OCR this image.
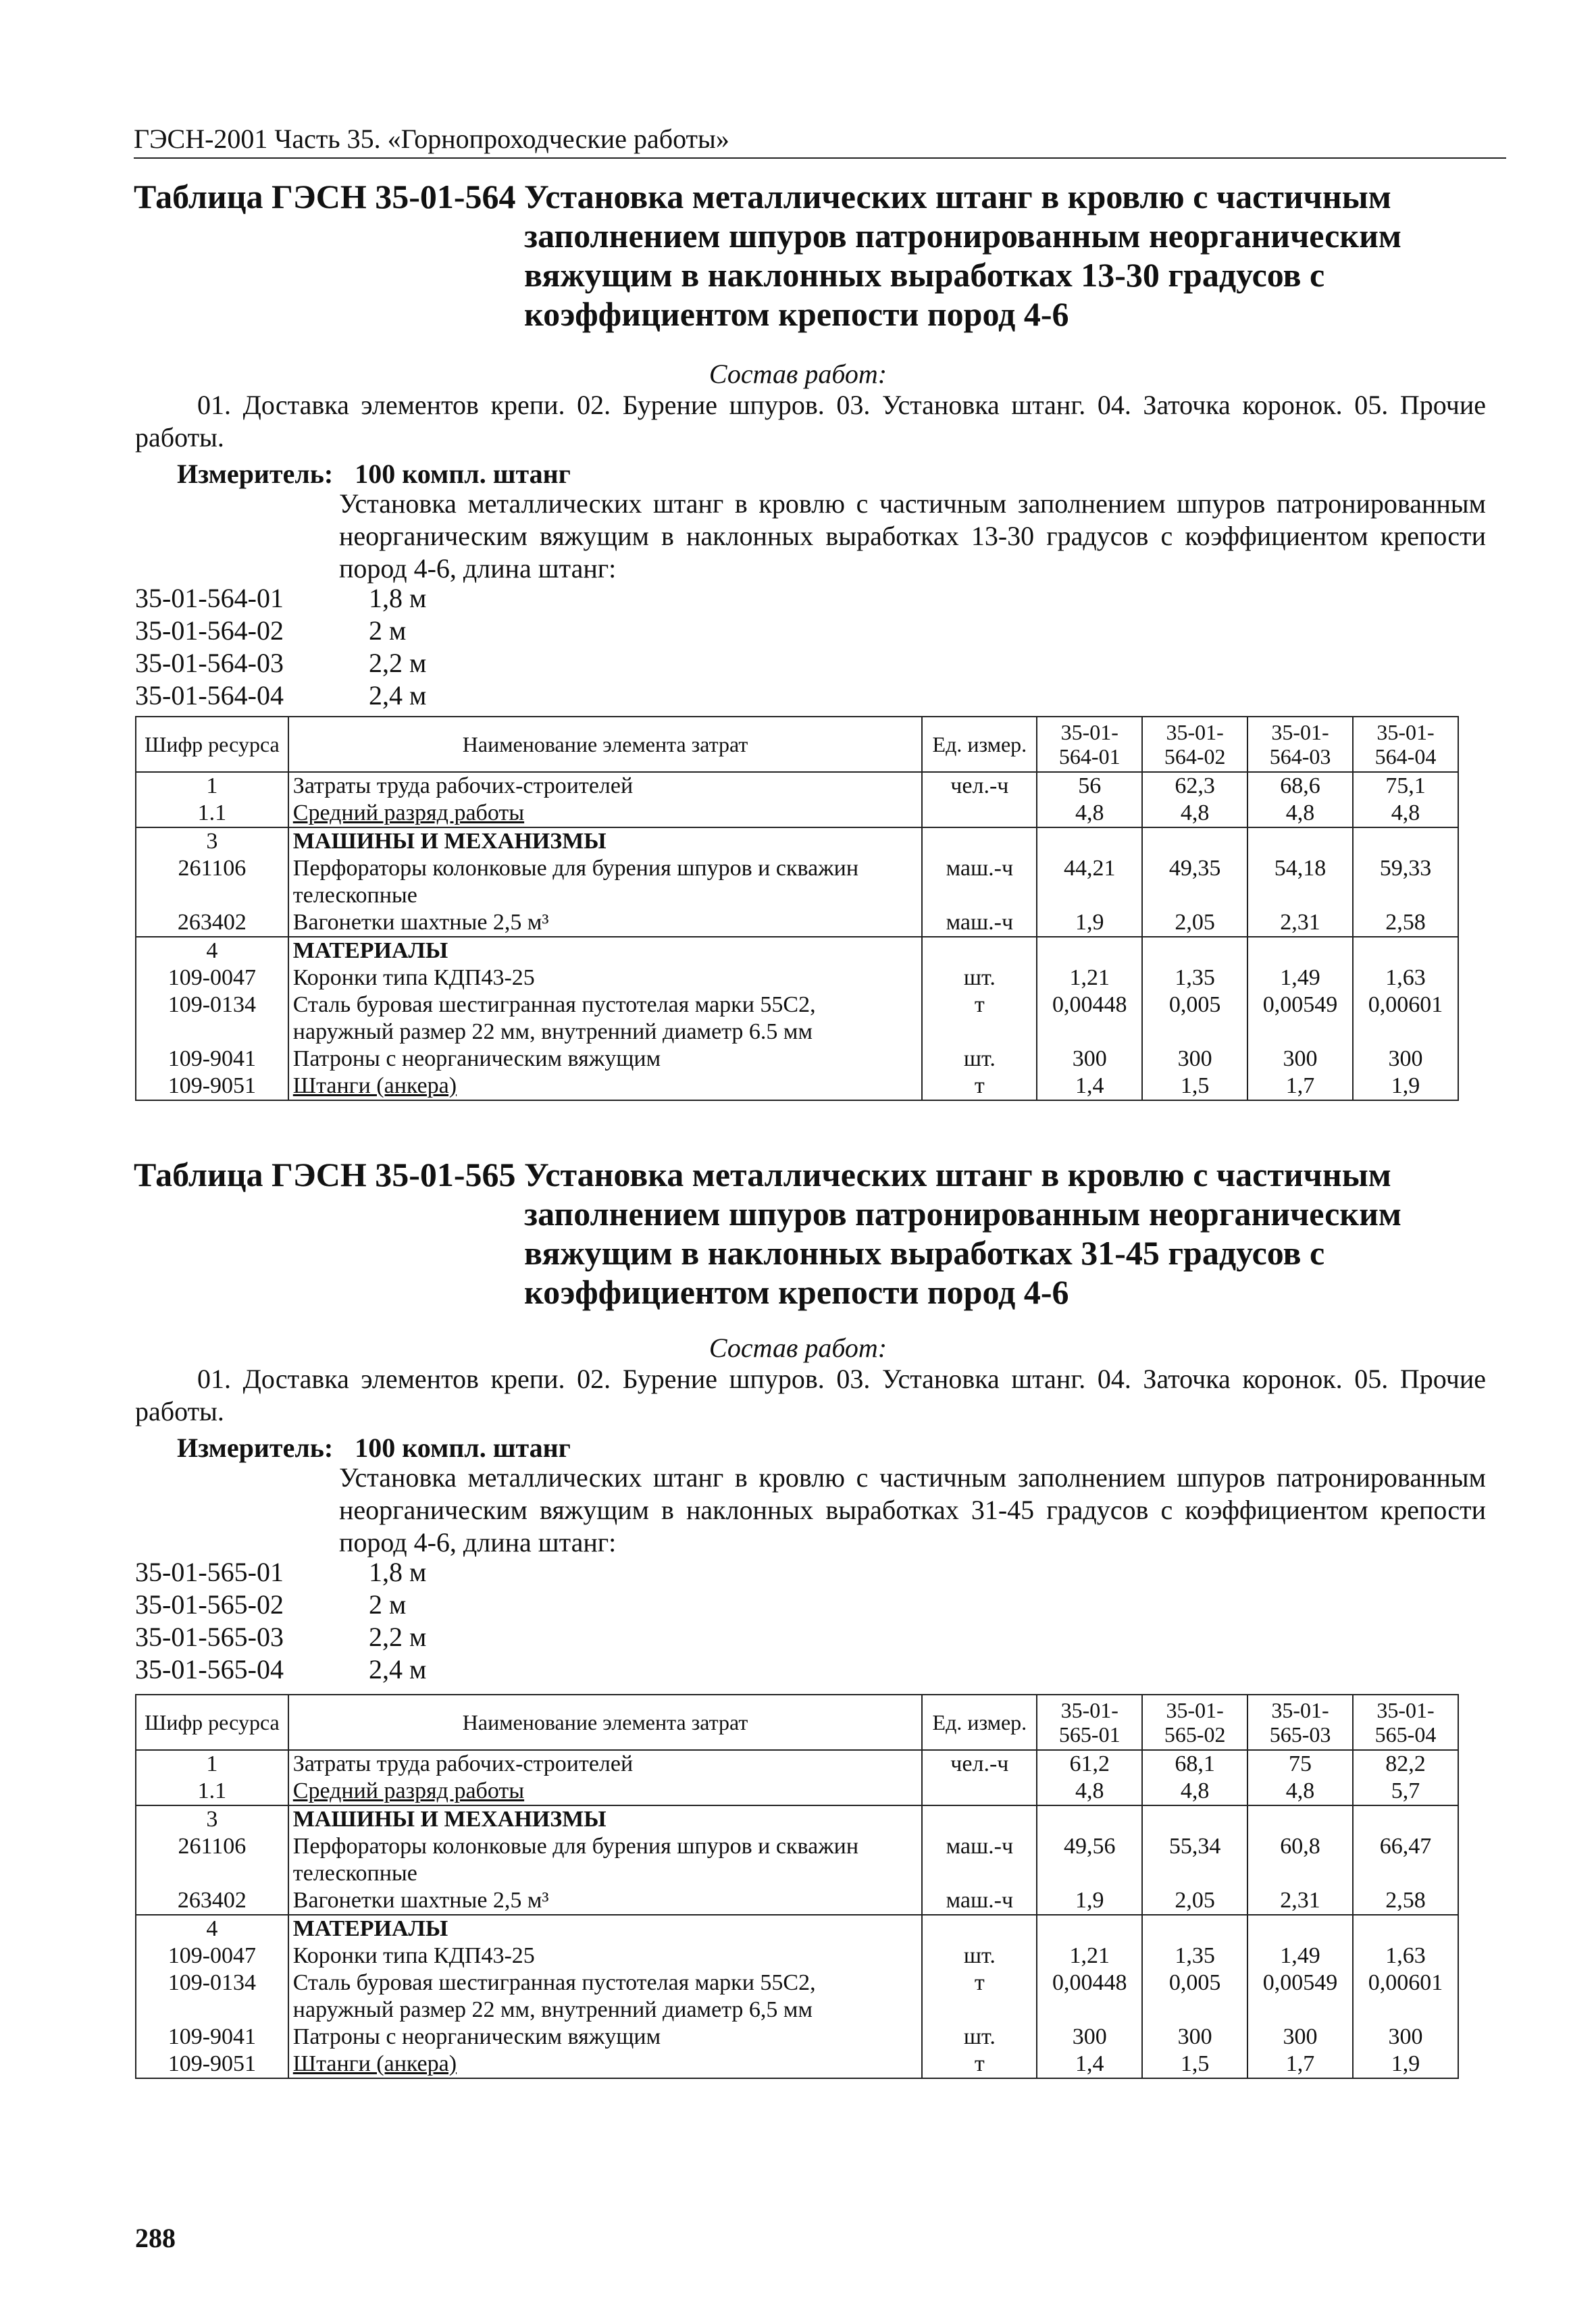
ГЭСН-2001 Часть 35. «Горнопроходческие работы»
Таблица ГЭСН 35-01-564 Установка металлических штанг в кровлю с частичным заполнением шпуров патронированным неорганическим вяжущим в наклонных выработках 13-30 градусов с коэффициентом крепости пород 4-6
Состав работ:
01. Доставка элементов крепи. 02. Бурение шпуров. 03. Установка штанг. 04. Заточка коронок. 05. Прочие работы.
Измеритель: 100 компл. штанг
Установка металлических штанг в кровлю с частичным заполнением шпуров патронированным неорганическим вяжущим в наклонных выработках 13-30 градусов с коэффициентом крепости пород 4-6, длина штанг:
35-01-564-01	1,8 м
35-01-564-02	2 м
35-01-564-03	2,2 м
35-01-564-04	2,4 м
Шифр ресурса	Наименование элемента затрат	Ед. измер.	35-01-564-01	35-01-564-02	35-01-564-03	35-01-564-04
1	Затраты труда рабочих-строителей	чел.-ч	56	62,3	68,6	75,1
1.1	Средний разряд работы		4,8	4,8	4,8	4,8
3	МАШИНЫ И МЕХАНИЗМЫ					
261106	Перфораторы колонковые для бурения шпуров и скважин телескопные	маш.-ч	44,21	49,35	54,18	59,33
263402	Вагонетки шахтные 2,5 м³	маш.-ч	1,9	2,05	2,31	2,58
4	МАТЕРИАЛЫ					
109-0047	Коронки типа КДП43-25	шт.	1,21	1,35	1,49	1,63
109-0134	Сталь буровая шестигранная пустотелая марки 55С2, наружный размер 22 мм, внутренний диаметр 6.5 мм	т	0,00448	0,005	0,00549	0,00601
109-9041	Патроны с неорганическим вяжущим	шт.	300	300	300	300
109-9051	Штанги (анкера)	т	1,4	1,5	1,7	1,9
Таблица ГЭСН 35-01-565 Установка металлических штанг в кровлю с частичным заполнением шпуров патронированным неорганическим вяжущим в наклонных выработках 31-45 градусов с коэффициентом крепости пород 4-6
Состав работ:
01. Доставка элементов крепи. 02. Бурение шпуров. 03. Установка штанг. 04. Заточка коронок. 05. Прочие работы.
Измеритель: 100 компл. штанг
Установка металлических штанг в кровлю с частичным заполнением шпуров патронированным неорганическим вяжущим в наклонных выработках 31-45 градусов с коэффициентом крепости пород 4-6, длина штанг:
35-01-565-01	1,8 м
35-01-565-02	2 м
35-01-565-03	2,2 м
35-01-565-04	2,4 м
Шифр ресурса	Наименование элемента затрат	Ед. измер.	35-01-565-01	35-01-565-02	35-01-565-03	35-01-565-04
1	Затраты труда рабочих-строителей	чел.-ч	61,2	68,1	75	82,2
1.1	Средний разряд работы		4,8	4,8	4,8	5,7
3	МАШИНЫ И МЕХАНИЗМЫ					
261106	Перфораторы колонковые для бурения шпуров и скважин телескопные	маш.-ч	49,56	55,34	60,8	66,47
263402	Вагонетки шахтные 2,5 м³	маш.-ч	1,9	2,05	2,31	2,58
4	МАТЕРИАЛЫ					
109-0047	Коронки типа КДП43-25	шт.	1,21	1,35	1,49	1,63
109-0134	Сталь буровая шестигранная пустотелая марки 55С2, наружный размер 22 мм, внутренний диаметр 6,5 мм	т	0,00448	0,005	0,00549	0,00601
109-9041	Патроны с неорганическим вяжущим	шт.	300	300	300	300
109-9051	Штанги (анкера)	т	1,4	1,5	1,7	1,9
288
